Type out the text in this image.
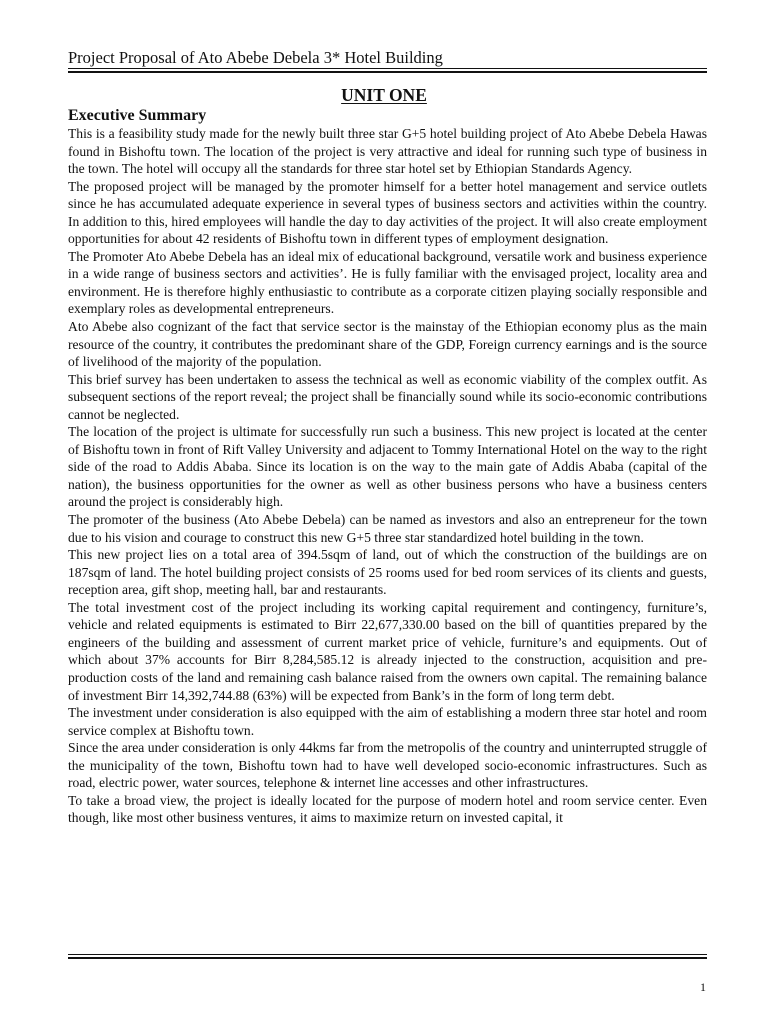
Project Proposal of Ato Abebe Debela 3* Hotel Building
UNIT ONE
Executive Summary

This is a feasibility study made for the newly built three star G+5 hotel building project of Ato Abebe Debela Hawas found in Bishoftu town. The location of the project is very attractive and ideal for running such type of business in the town. The hotel will occupy all the standards for three star hotel set by Ethiopian Standards Agency.

The proposed project will be managed by the promoter himself for a better hotel management and service outlets since he has accumulated adequate experience in several types of business sectors and activities within the country. In addition to this, hired employees will handle the day to day activities of the project. It will also create employment opportunities for about 42 residents of Bishoftu town in different types of employment designation.

The Promoter Ato Abebe Debela has an ideal mix of educational background, versatile work and business experience in a wide range of business sectors and activities’. He is fully familiar with the envisaged project, locality area and environment. He is therefore highly enthusiastic to contribute as a corporate citizen playing socially responsible and exemplary roles as developmental entrepreneurs.

Ato Abebe also cognizant of the fact that service sector is the mainstay of the Ethiopian economy plus as the main resource of the country, it contributes the predominant share of the GDP, Foreign currency earnings and is the source of livelihood of the majority of the population.

This brief survey has been undertaken to assess the technical as well as economic viability of the complex outfit. As subsequent sections of the report reveal; the project shall be financially sound while its socio-economic contributions cannot be neglected.

The location of the project is ultimate for successfully run such a business. This new project is located at the center of Bishoftu town in front of Rift Valley University and adjacent to Tommy International Hotel on the way to the right side of the road to Addis Ababa. Since its location is on the way to the main gate of Addis Ababa (capital of the nation), the business opportunities for the owner as well as other business persons who have a business centers around the project is considerably high.

The promoter of the business (Ato Abebe Debela) can be named as investors and also an entrepreneur for the town due to his vision and courage to construct this new G+5 three star standardized hotel building in the town.

This new project lies on a total area of 394.5sqm of land, out of which the construction of the buildings are on 187sqm of land. The hotel building project consists of 25 rooms used for bed room services of its clients and guests, reception area, gift shop, meeting hall, bar and restaurants.

The total investment cost of the project including its working capital requirement and contingency, furniture’s, vehicle and related equipments is estimated to Birr 22,677,330.00 based on the bill of quantities prepared by the engineers of the building and assessment of current market price of vehicle, furniture’s and equipments. Out of which about 37% accounts for Birr 8,284,585.12 is already injected to the construction, acquisition and pre-production costs of the land and remaining cash balance raised from the owners own capital. The remaining balance of investment Birr 14,392,744.88 (63%) will be expected from Bank’s in the form of long term debt.

The investment under consideration is also equipped with the aim of establishing a modern three star hotel and room service complex at Bishoftu town.

Since the area under consideration is only 44kms far from the metropolis of the country and uninterrupted struggle of the municipality of the town, Bishoftu town had to have well developed socio-economic infrastructures. Such as road, electric power, water sources, telephone & internet line accesses and other infrastructures.

To take a broad view, the project is ideally located for the purpose of modern hotel and room service center. Even though, like most other business ventures, it aims to maximize return on invested capital, it

1
